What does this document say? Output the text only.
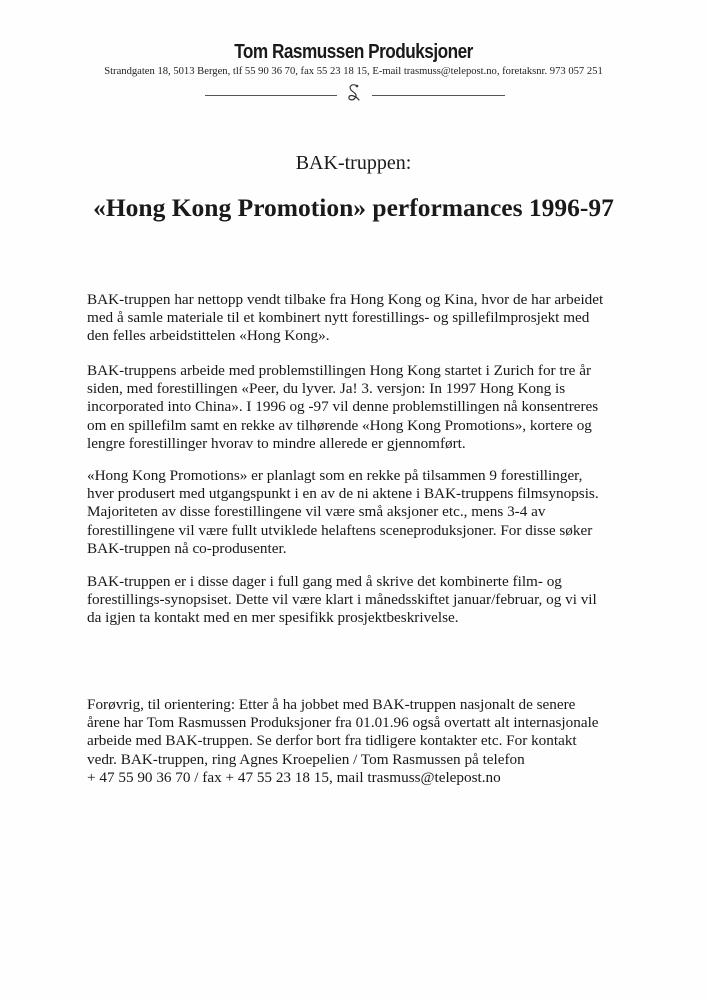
Tom Rasmussen Produksjoner
Strandgaten 18, 5013 Bergen, tlf 55 90 36 70, fax 55 23 18 15, E-mail trasmuss@telepost.no, foretaksnr. 973 057 251
BAK-truppen:
«Hong Kong Promotion» performances 1996-97

BAK-truppen har nettopp vendt tilbake fra Hong Kong og Kina, hvor de har arbeidet
med å samle materiale til et kombinert nytt forestillings- og spillefilmprosjekt med
den felles arbeidstittelen «Hong Kong».

BAK-truppens arbeide med problemstillingen Hong Kong startet i Zurich for tre år
siden, med forestillingen «Peer, du lyver. Ja! 3. versjon: In 1997 Hong Kong is
incorporated into China». I 1996 og -97 vil denne problemstillingen nå konsentreres
om en spillefilm samt en rekke av tilhørende «Hong Kong Promotions», kortere og
lengre forestillinger hvorav to mindre allerede er gjennomført.

«Hong Kong Promotions» er planlagt som en rekke på tilsammen 9 forestillinger,
hver produsert med utgangspunkt i en av de ni aktene i BAK-truppens filmsynopsis.
Majoriteten av disse forestillingene vil være små aksjoner etc., mens 3-4 av
forestillingene vil være fullt utviklede helaftens sceneproduksjoner. For disse søker
BAK-truppen nå co-produsenter.

BAK-truppen er i disse dager i full gang med å skrive det kombinerte film- og
forestillings-synopsiset. Dette vil være klart i månedsskiftet januar/februar, og vi vil
da igjen ta kontakt med en mer spesifikk prosjektbeskrivelse.

Forøvrig, til orientering: Etter å ha jobbet med BAK-truppen nasjonalt de senere
årene har Tom Rasmussen Produksjoner fra 01.01.96 også overtatt alt internasjonale
arbeide med BAK-truppen. Se derfor bort fra tidligere kontakter etc. For kontakt
vedr. BAK-truppen, ring Agnes Kroepelien / Tom Rasmussen på telefon
+ 47 55 90 36 70 / fax + 47 55 23 18 15, mail trasmuss@telepost.no
